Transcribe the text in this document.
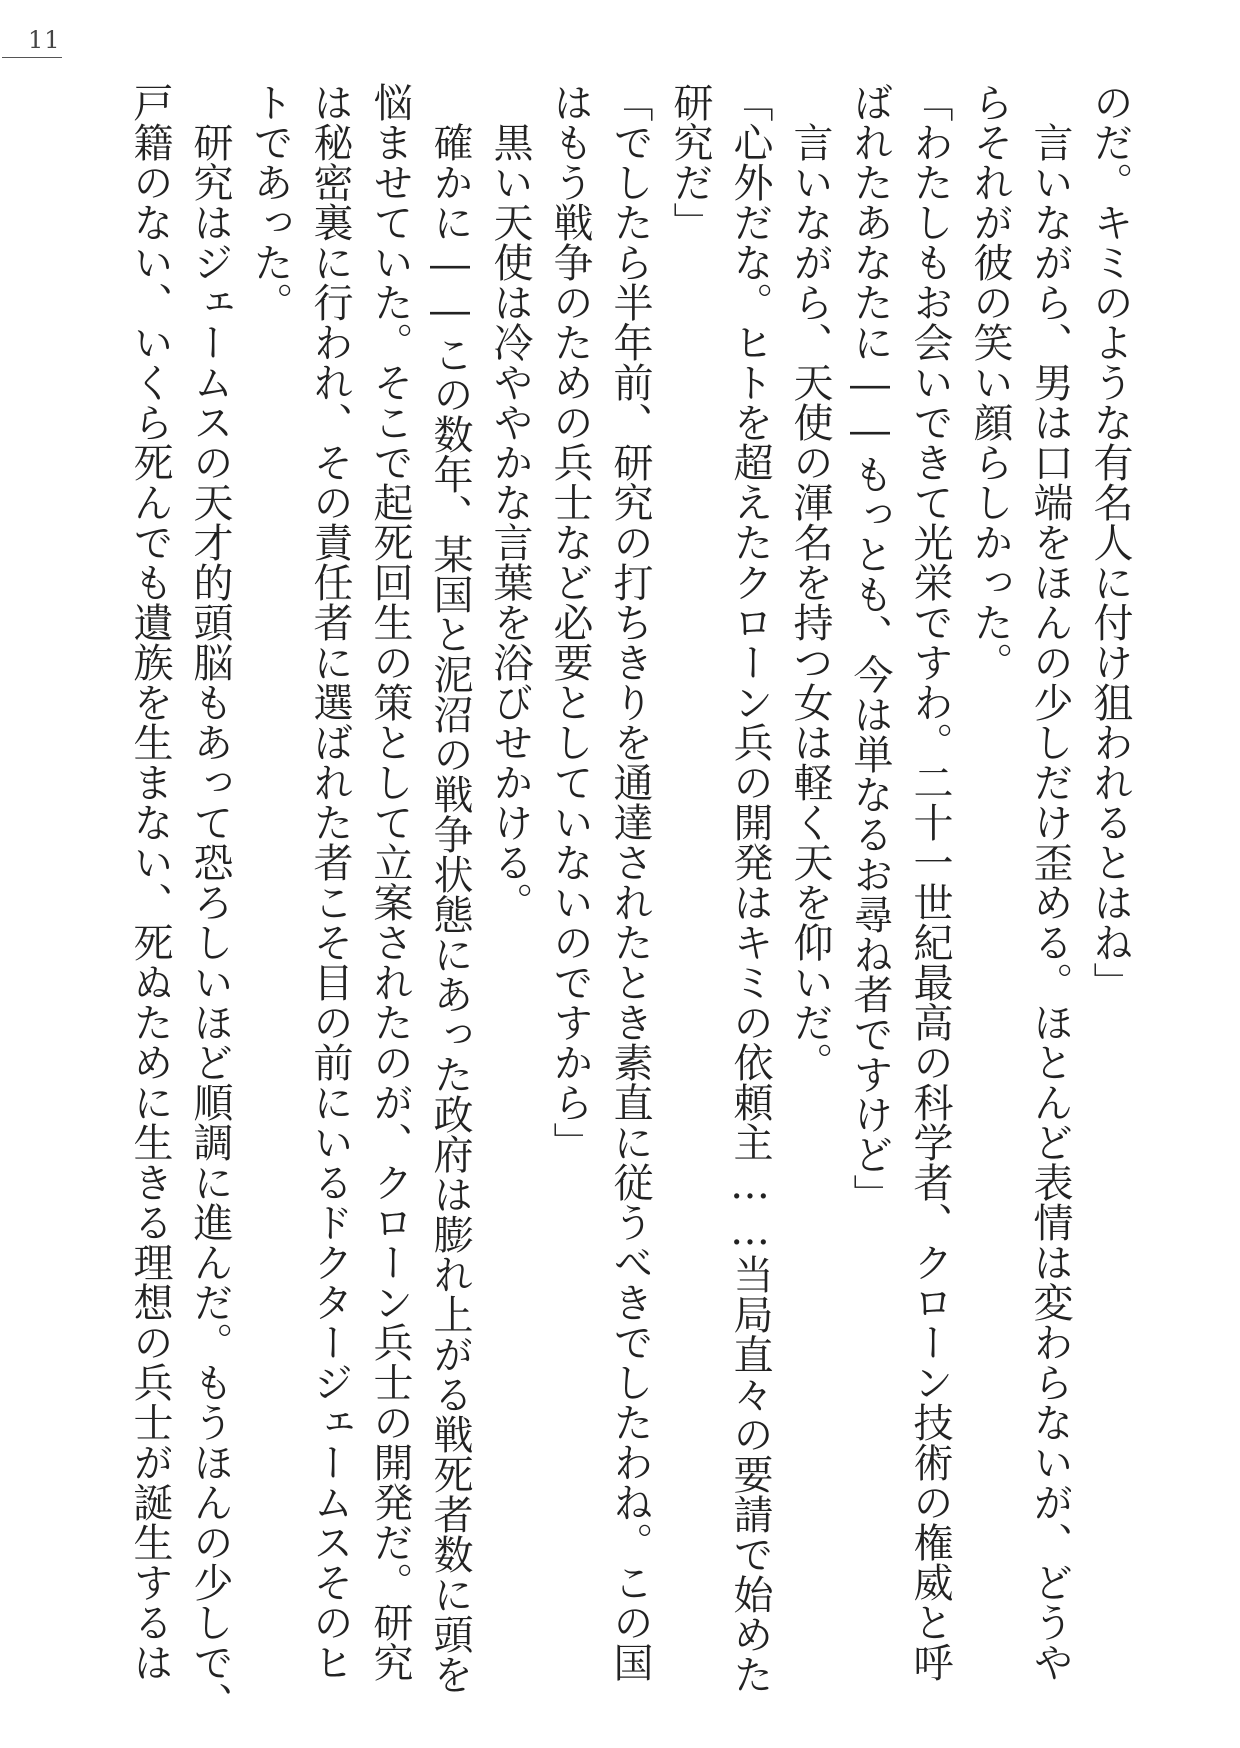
11
のだ。キミのような有名人に付け狙われるとはね」
　言いながら、男は口端をほんの少しだけ歪める。ほとんど表情は変わらないが、どうや
らそれが彼の笑い顔らしかった。
「わたしもお会いできて光栄ですわ。二十一世紀最高の科学者、クローン技術の権威と呼
ばれたあなたに――もっとも、今は単なるお尋ね者ですけど」
　言いながら、天使の渾名を持つ女は軽く天を仰いだ。
「心外だな。ヒトを超えたクローン兵の開発はキミの依頼主……当局直々の要請で始めた
研究だ」
「でしたら半年前、研究の打ちきりを通達されたとき素直に従うべきでしたわね。この国
はもう戦争のための兵士など必要としていないのですから」
　黒い天使は冷ややかな言葉を浴びせかける。
　確かに――この数年、某国と泥沼の戦争状態にあった政府は膨れ上がる戦死者数に頭を
悩ませていた。そこで起死回生の策として立案されたのが、クローン兵士の開発だ。研究
は秘密裏に行われ、その責任者に選ばれた者こそ目の前にいるドクタージェームスそのヒ
トであった。
　研究はジェームスの天才的頭脳もあって恐ろしいほど順調に進んだ。もうほんの少しで、
戸籍のない、いくら死んでも遺族を生まない、死ぬために生きる理想の兵士が誕生するは
